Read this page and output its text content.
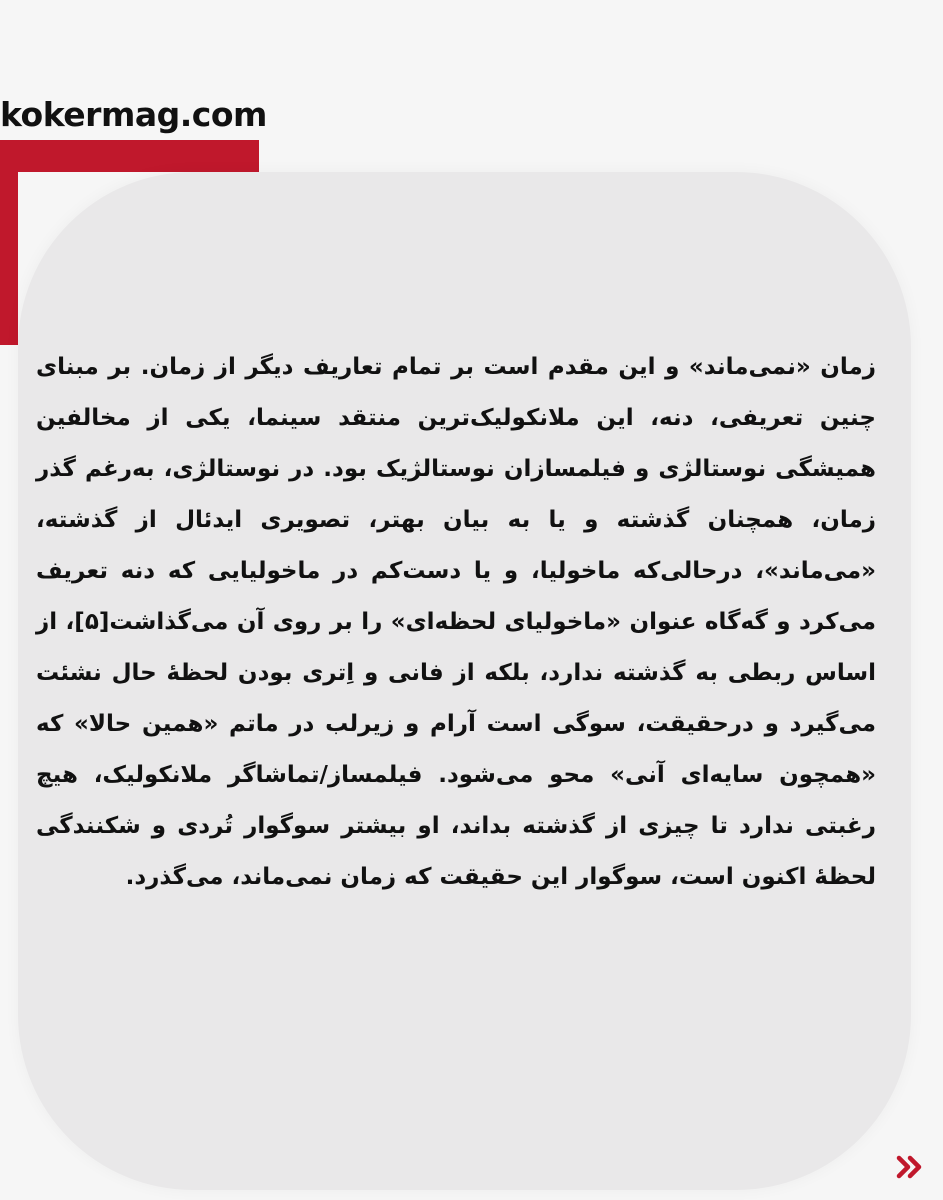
kokermag.com

زمان «نمی‌ماند» و این مقدم است بر تمام تعاریف دیگر از زمان. بر مبنای چنین تعریفی، دنه، این ملانکولیک‌ترین منتقد سینما، یکی از مخالفین همیشگی نوستالژی و فیلمسازان نوستالژیک بود. در نوستالژی، به‌رغم گذر زمان، همچنان گذشته و یا به بیان بهتر، تصویری ایدئال از گذشته، «می‌ماند»، درحالی‌که ماخولیا، و یا دست‌کم در ماخولیایی که دنه تعریف می‌کرد و گه‌گاه عنوان «ماخولیای لحظه‌ای» را بر روی آن می‌گذاشت[۵]، از اساس ربطی به گذشته ندارد، بلکه از فانی و اِتری بودن لحظهٔ حال نشئت می‌گیرد و درحقیقت، سوگی است آرام و زیرلب در ماتم «همین حالا» که «همچون سایه‌ای آنی» محو می‌شود. فیلمساز/تماشاگر ملانکولیک، هیچ رغبتی ندارد تا چیزی از گذشته بداند، او بیشتر سوگوار تُردی و شکنندگی لحظهٔ اکنون است، سوگوار این حقیقت که زمان نمی‌ماند، می‌گذرد.
